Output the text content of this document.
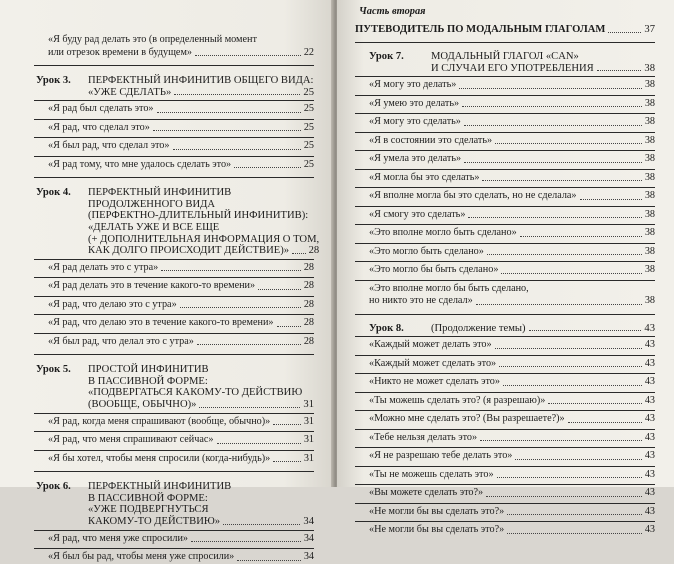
«Я буду рад делать это (в определенный момент
или отрезок времени в будущем»	22
Урок 3.	ПЕРФЕКТНЫЙ ИНФИНИТИВ ОБЩЕГО ВИДА:
«УЖЕ СДЕЛАТЬ»	25
«Я рад был сделать это»	25
«Я рад, что сделал это»	25
«Я был рад, что сделал это»	25
«Я рад тому, что мне удалось сделать это»	25
Урок 4.	ПЕРФЕКТНЫЙ ИНФИНИТИВ
ПРОДОЛЖЕННОГО ВИДА
(ПЕРФЕКТНО-ДЛИТЕЛЬНЫЙ ИНФИНИТИВ):
«ДЕЛАТЬ УЖЕ И ВСЕ ЕЩЕ
(+ ДОПОЛНИТЕЛЬНАЯ ИНФОРМАЦИЯ О ТОМ,
КАК ДОЛГО ПРОИСХОДИТ ДЕЙСТВИЕ)» 28
«Я рад делать это с утра»	28
«Я рад делать это в течение какого-то времени»	28
«Я рад, что делаю это с утра»	28
«Я рад, что делаю это в течение какого-то времени»	28
«Я был рад, что делал это с утра»	28
Урок 5.	ПРОСТОЙ ИНФИНИТИВ
В ПАССИВНОЙ ФОРМЕ:
«ПОДВЕРГАТЬСЯ КАКОМУ-ТО ДЕЙСТВИЮ
(ВООБЩЕ, ОБЫЧНО)»	31
«Я рад, когда меня спрашивают (вообще, обычно)»	31
«Я рад, что меня спрашивают сейчас»	31
«Я бы хотел, чтобы меня спросили (когда-нибудь)»	31
Урок 6.	ПЕРФЕКТНЫЙ ИНФИНИТИВ
В ПАССИВНОЙ ФОРМЕ:
«УЖЕ ПОДВЕРГНУТЬСЯ
КАКОМУ-ТО ДЕЙСТВИЮ»	34
«Я рад, что меня уже спросили»	34
«Я был бы рад, чтобы меня уже спросили»	34
Часть вторая
ПУТЕВОДИТЕЛЬ ПО МОДАЛЬНЫМ ГЛАГОЛАМ	37
Урок 7.	МОДАЛЬНЫЙ ГЛАГОЛ «CAN»
И СЛУЧАИ ЕГО УПОТРЕБЛЕНИЯ	38
«Я могу это делать»	38
«Я умею это делать»	38
«Я могу это сделать»	38
«Я в состоянии это сделать»	38
«Я умела это делать»	38
«Я могла бы это сделать»	38
«Я вполне могла бы это сделать, но не сделала»	38
«Я смогу это сделать»	38
«Это вполне могло быть сделано»	38
«Это могло быть сделано»	38
«Это могло бы быть сделано»	38
«Это вполне могло бы быть сделано,
но никто это не сделал»	38
Урок 8.	(Продолжение темы)	43
«Каждый может делать это»	43
«Каждый может сделать это»	43
«Никто не может сделать это»	43
«Ты можешь сделать это? (я разрешаю)»	43
«Можно мне сделать это? (Вы разрешаете?)»	43
«Тебе нельзя делать это»	43
«Я не разрешаю тебе делать это»	43
«Ты не можешь сделать это»	43
«Вы можете сделать это?»	43
«Не могли бы вы сделать это?»	43
«Не могли бы вы сделать это?»	43
